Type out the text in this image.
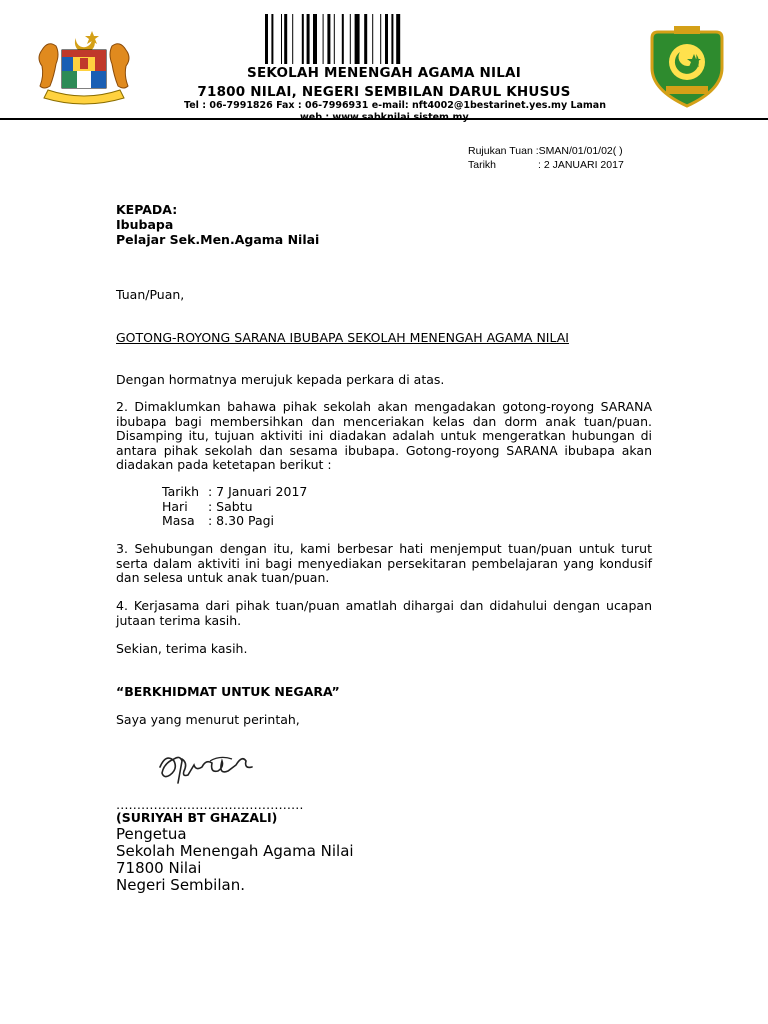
SEKOLAH MENENGAH AGAMA NILAI
71800 NILAI, NEGERI SEMBILAN DARUL KHUSUS
Tel : 06-7991826 Fax : 06-7996931 e-mail: nft4002@1bestarinet.yes.my Laman
web : www.sabknilai.sistem.my
Rujukan Tuan :SMAN/01/01/02( )
Tarikh	: 2 JANUARI 2017
KEPADA:
Ibubapa
Pelajar Sek.Men.Agama Nilai
Tuan/Puan,
GOTONG-ROYONG SARANA IBUBAPA SEKOLAH MENENGAH AGAMA NILAI
Dengan hormatnya merujuk kepada perkara di atas.
2. Dimaklumkan bahawa pihak sekolah akan mengadakan gotong-royong SARANA ibubapa bagi membersihkan dan menceriakan kelas dan dorm anak tuan/puan. Disamping itu, tujuan aktiviti ini diadakan adalah untuk mengeratkan hubungan di antara pihak sekolah dan sesama ibubapa. Gotong-royong SARANA ibubapa akan diadakan pada ketetapan berikut :
Tarikh : 7 Januari 2017
Hari : Sabtu
Masa : 8.30 Pagi
3. Sehubungan dengan itu, kami berbesar hati menjemput tuan/puan untuk turut serta dalam aktiviti ini bagi menyediakan persekitaran pembelajaran yang kondusif dan selesa untuk anak tuan/puan.
4. Kerjasama dari pihak tuan/puan amatlah dihargai dan didahului dengan ucapan jutaan terima kasih.
Sekian, terima kasih.
“BERKHIDMAT UNTUK NEGARA”
Saya yang menurut perintah,
………………………………………
(SURIYAH BT GHAZALI)
Pengetua
Sekolah Menengah Agama Nilai
71800 Nilai
Negeri Sembilan.
